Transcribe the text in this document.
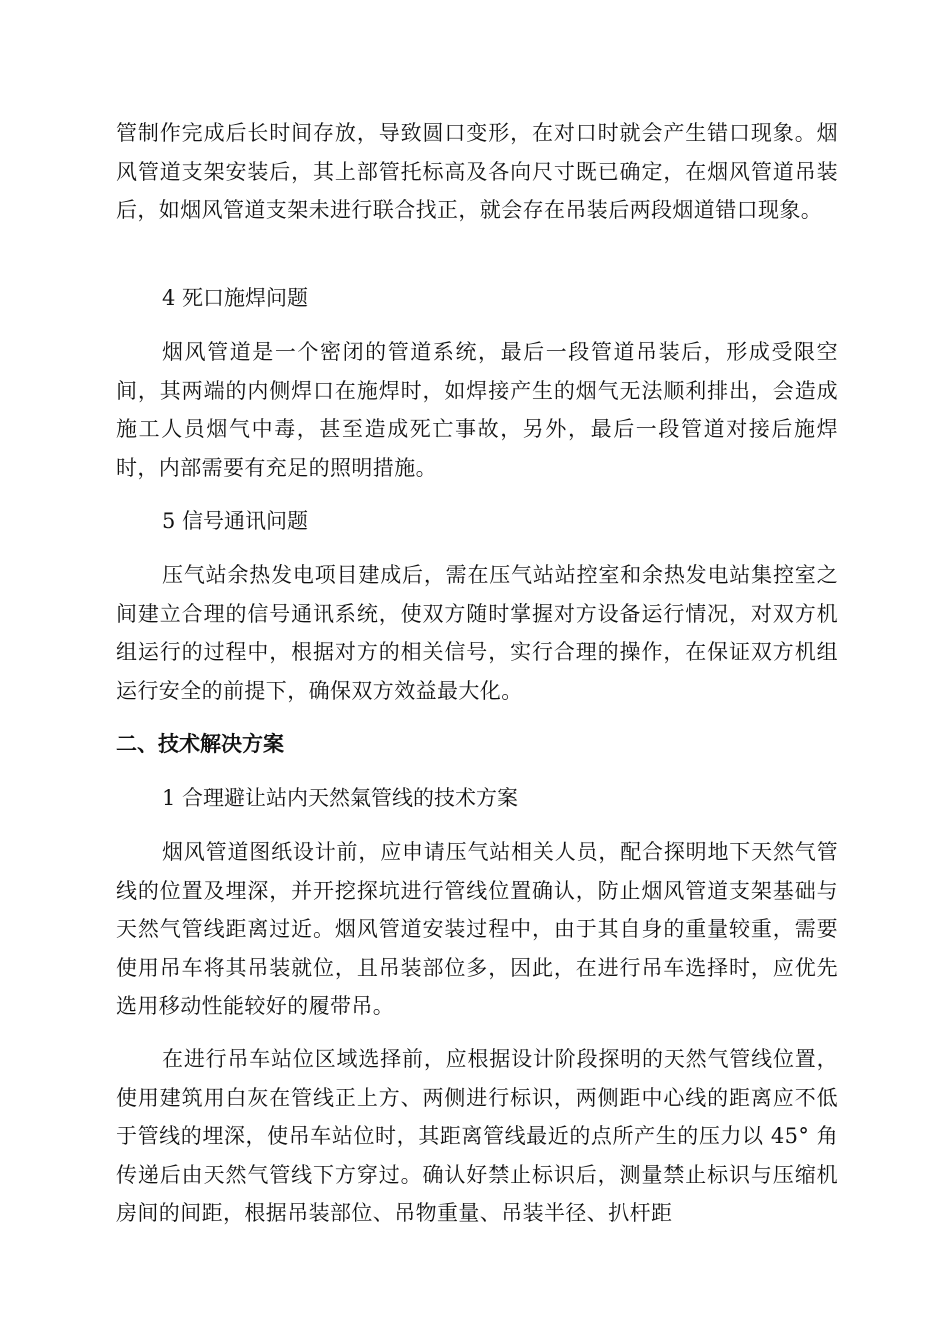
管制作完成后长时间存放，导致圆口变形，在对口时就会产生错口现象。烟风管道支架安装后，其上部管托标高及各向尺寸既已确定，在烟风管道吊装后，如烟风管道支架未进行联合找正，就会存在吊装后两段烟道错口现象。

4 死口施焊问题

烟风管道是一个密闭的管道系统，最后一段管道吊装后，形成受限空间，其两端的内侧焊口在施焊时，如焊接产生的烟气无法顺利排出，会造成施工人员烟气中毒，甚至造成死亡事故，另外，最后一段管道对接后施焊时，内部需要有充足的照明措施。

5 信号通讯问题

压气站余热发电项目建成后，需在压气站站控室和余热发电站集控室之间建立合理的信号通讯系统，使双方随时掌握对方设备运行情况，对双方机组运行的过程中，根据对方的相关信号，实行合理的操作，在保证双方机组运行安全的前提下，确保双方效益最大化。

二、技术解决方案

1 合理避让站内天然氣管线的技术方案

烟风管道图纸设计前，应申请压气站相关人员，配合探明地下天然气管线的位置及埋深，并开挖探坑进行管线位置确认，防止烟风管道支架基础与天然气管线距离过近。烟风管道安装过程中，由于其自身的重量较重，需要使用吊车将其吊装就位，且吊装部位多，因此，在进行吊车选择时，应优先选用移动性能较好的履带吊。

在进行吊车站位区域选择前，应根据设计阶段探明的天然气管线位置，使用建筑用白灰在管线正上方、两侧进行标识，两侧距中心线的距离应不低于管线的埋深，使吊车站位时，其距离管线最近的点所产生的压力以 45° 角传递后由天然气管线下方穿过。确认好禁止标识后，测量禁止标识与压缩机房间的间距，根据吊装部位、吊物重量、吊装半径、扒杆距
